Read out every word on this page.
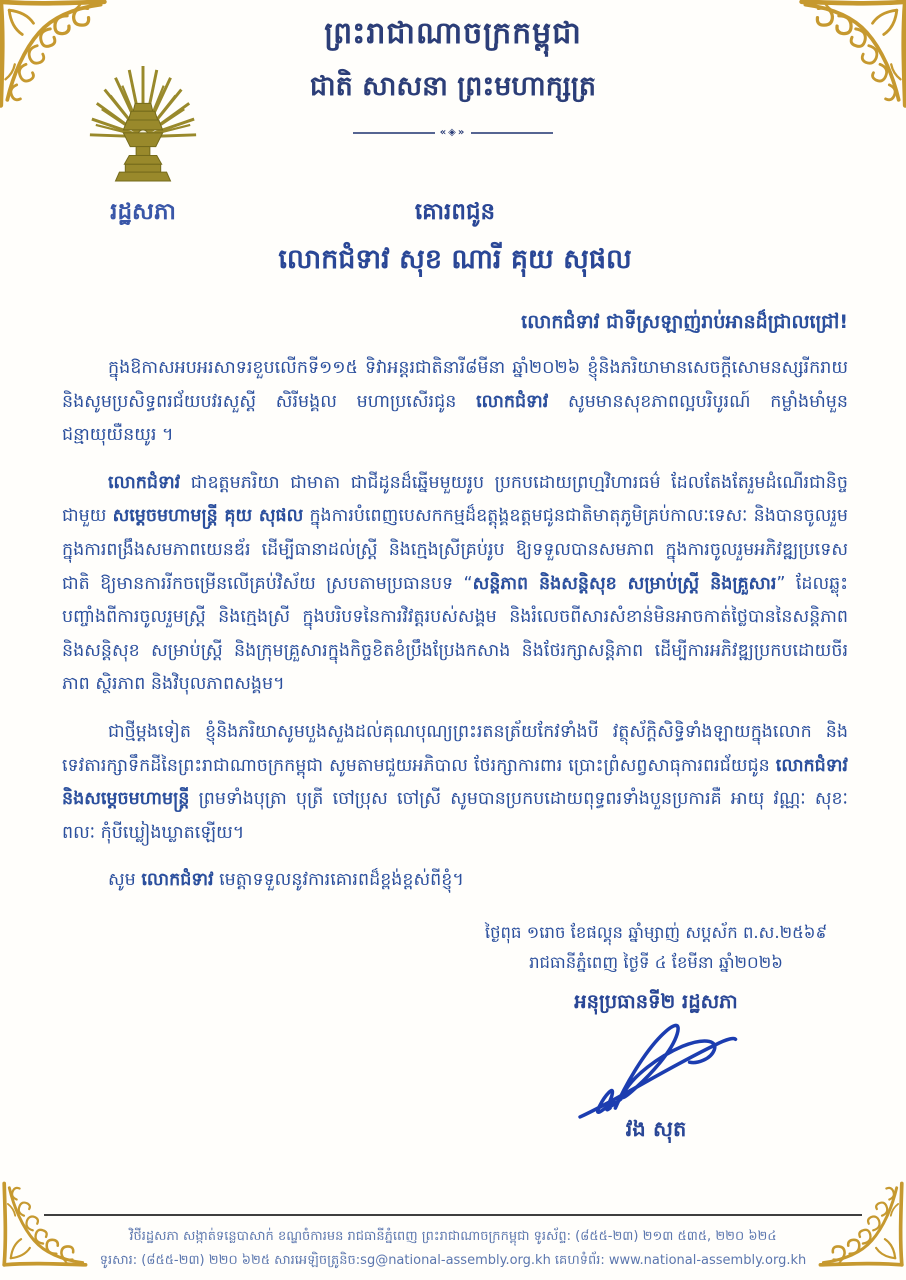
ព្រះរាជាណាចក្រកម្ពុជា
ជាតិ សាសនា ព្រះមហាក្សត្រ
«◈»
រដ្ឋសភា	គោរពជូន
លោកជំទាវ សុខ ណារី គុយ សុផល
លោកជំទាវ ជាទីស្រឡាញ់រាប់អានដ៏ជ្រាលជ្រៅ!

ក្នុងឱកាសអបអរសាទរខួបលើកទី១១៥ ទិវាអន្តរជាតិនារី៨មីនា ឆ្នាំ២០២៦ ខ្ញុំនិងភរិយាមានសេចក្ដីសោមនស្សរីករាយ និងសូមប្រសិទ្ធពរជ័យបវរសួស្ដី សិរីមង្គល មហាប្រសើរជូន លោកជំទាវ សូមមានសុខភាពល្អបរិបូរណ៍ កម្លាំងមាំមួន ជន្មាយុយឺនយូរ ។

លោកជំទាវ ជាឧត្តមភរិយា ជាមាតា ជាជីដូនដ៏ឆ្នើមមួយរូប ប្រកបដោយព្រហ្មវិហារធម៌ ដែលតែងតែរួមដំណើរជានិច្ចជាមួយ សម្ដេចមហាមន្ត្រី គុយ សុផល ក្នុងការបំពេញបេសកកម្មដ៏ឧត្តុង្គឧត្តមជូនជាតិមាតុភូមិគ្រប់កាលៈទេសៈ និងបានចូលរួមក្នុងការពង្រឹងសមភាពយេនឌ័រ ដើម្បីធានាដល់ស្ត្រី និងក្មេងស្រីគ្រប់រូប ឱ្យទទួលបានសមភាព ក្នុងការចូលរួមអភិវឌ្ឍប្រទេសជាតិ ឱ្យមានការរីកចម្រើនលើគ្រប់វិស័យ ស្របតាមប្រធានបទ “សន្តិភាព និងសន្តិសុខ សម្រាប់ស្ត្រី និងគ្រួសារ” ដែលឆ្លុះបញ្ចាំងពីការចូលរួមស្ត្រី និងក្មេងស្រី ក្នុងបរិបទនៃការវិវត្តរបស់សង្គម និងរំលេចពីសារសំខាន់មិនអាចកាត់ថ្លៃបាននៃសន្តិភាព និងសន្តិសុខ សម្រាប់ស្ត្រី និងក្រុមគ្រួសារក្នុងកិច្ចខិតខំប្រឹងប្រែងកសាង និងថែរក្សាសន្តិភាព ដើម្បីការអភិវឌ្ឍប្រកបដោយចីរភាព ស្ថិរភាព និងវិបុលភាពសង្គម។

ជាថ្មីម្ដងទៀត ខ្ញុំនិងភរិយាសូមបួងសួងដល់គុណបុណ្យព្រះរតនត្រ័យកែវទាំងបី វត្ថុស័ក្ដិសិទ្ធិទាំងឡាយក្នុងលោក និងទេវតារក្សាទឹកដីនៃព្រះរាជាណាចក្រកម្ពុជា សូមតាមជួយអភិបាល ថែរក្សាការពារ ប្រោះព្រំសព្វសាធុការពរជ័យជូន លោកជំទាវ និងសម្ដេចមហាមន្ត្រី ព្រមទាំងបុត្រា បុត្រី ចៅប្រុស ចៅស្រី សូមបានប្រកបដោយពុទ្ធពរទាំងបួនប្រការគឺ អាយុ វណ្ណៈ សុខៈ ពលៈ កុំបីឃ្លៀងឃ្លាតឡើយ។

សូម លោកជំទាវ មេត្តាទទួលនូវការគោរពដ៏ខ្ពង់ខ្ពស់ពីខ្ញុំ។

ថ្ងៃពុធ ១រោច ខែផល្គុន ឆ្នាំម្សាញ់ សប្តស័ក ព.ស.២៥៦៩
រាជធានីភ្នំពេញ ថ្ងៃទី ៤ ខែមីនា ឆ្នាំ២០២៦
អនុប្រធានទី២ រដ្ឋសភា
វង សុត
វិថីរដ្ឋសភា សង្កាត់ទន្លេបាសាក់ ខណ្ឌចំការមន រាជធានីភ្នំពេញ ព្រះរាជាណាចក្រកម្ពុជា ទូរស័ព្ទ: (៨៥៥-២៣) ២១៣ ៥៣៥, ២២០ ៦២៤
ទូរសារ: (៨៥៥-២៣) ២២០ ៦២៥ សារអេឡិចត្រូនិច:sg@national-assembly.org.kh គេហទំព័រ: www.national-assembly.org.kh
